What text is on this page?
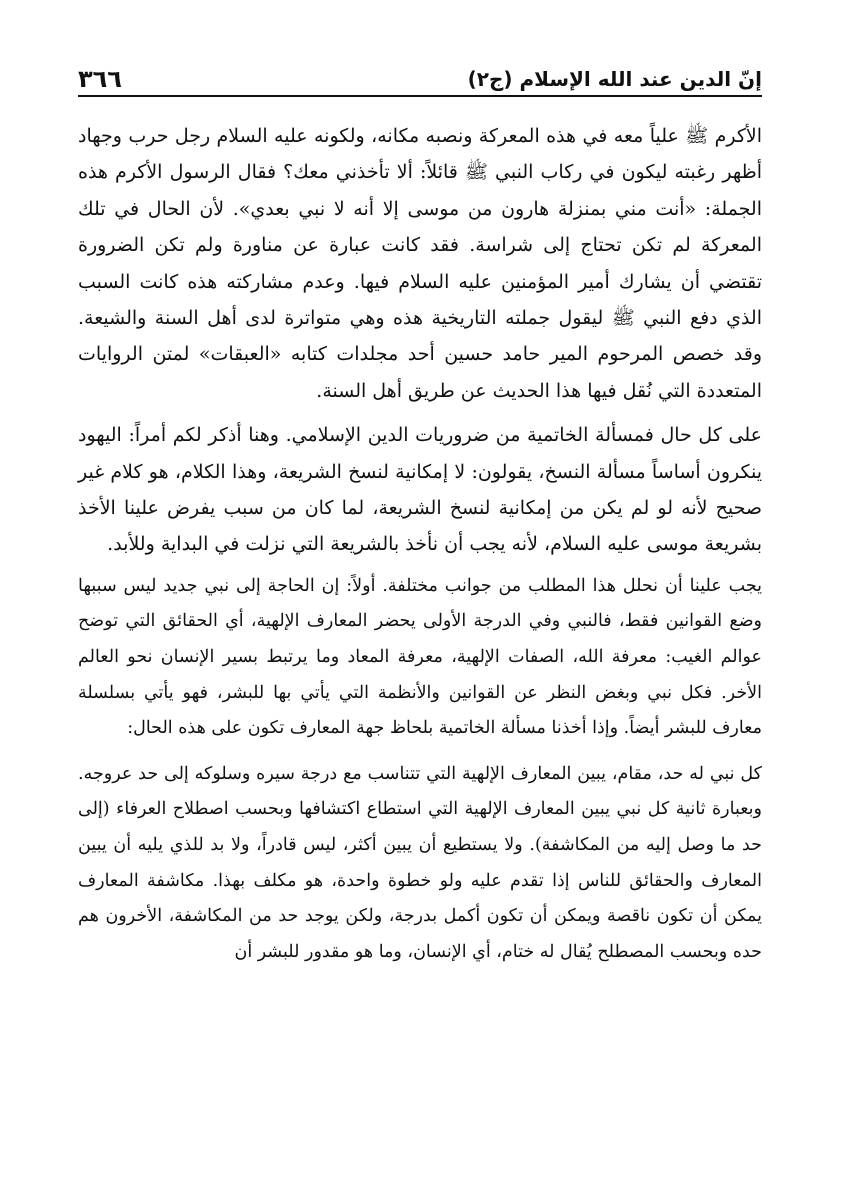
إنّ الدين عند الله الإسلام (ج٢)
٣٦٦

الأكرم ﷺ علياً معه في هذه المعركة ونصبه مكانه، ولكونه عليه السلام رجل حرب وجهاد أظهر رغبته ليكون في ركاب النبي ﷺ قائلاً: ألا تأخذني معك؟ فقال الرسول الأكرم هذه الجملة: «أنت مني بمنزلة هارون من موسى إلا أنه لا نبي بعدي». لأن الحال في تلك المعركة لم تكن تحتاج إلى شراسة. فقد كانت عبارة عن مناورة ولم تكن الضرورة تقتضي أن يشارك أمير المؤمنين عليه السلام فيها. وعدم مشاركته هذه كانت السبب الذي دفع النبي ﷺ ليقول جملته التاريخية هذه وهي متواترة لدى أهل السنة والشيعة. وقد خصص المرحوم المير حامد حسين أحد مجلدات كتابه «العبقات» لمتن الروايات المتعددة التي نُقل فيها هذا الحديث عن طريق أهل السنة.

على كل حال فمسألة الخاتمية من ضروريات الدين الإسلامي. وهنا أذكر لكم أمراً: اليهود ينكرون أساساً مسألة النسخ، يقولون: لا إمكانية لنسخ الشريعة، وهذا الكلام، هو كلام غير صحيح لأنه لو لم يكن من إمكانية لنسخ الشريعة، لما كان من سبب يفرض علينا الأخذ بشريعة موسى عليه السلام، لأنه يجب أن نأخذ بالشريعة التي نزلت في البداية وللأبد.

يجب علينا أن نحلل هذا المطلب من جوانب مختلفة. أولاً: إن الحاجة إلى نبي جديد ليس سببها وضع القوانين فقط، فالنبي وفي الدرجة الأولى يحضر المعارف الإلهية، أي الحقائق التي توضح عوالم الغيب: معرفة الله، الصفات الإلهية، معرفة المعاد وما يرتبط بسير الإنسان نحو العالم الأخر. فكل نبي وبغض النظر عن القوانين والأنظمة التي يأتي بها للبشر، فهو يأتي بسلسلة معارف للبشر أيضاً. وإذا أخذنا مسألة الخاتمية بلحاظ جهة المعارف تكون على هذه الحال:

كل نبي له حد، مقام، يبين المعارف الإلهية التي تتناسب مع درجة سيره وسلوكه إلى حد عروجه. وبعبارة ثانية كل نبي يبين المعارف الإلهية التي استطاع اكتشافها وبحسب اصطلاح العرفاء (إلى حد ما وصل إليه من المكاشفة). ولا يستطيع أن يبين أكثر، ليس قادراً، ولا بد للذي يليه أن يبين المعارف والحقائق للناس إذا تقدم عليه ولو خطوة واحدة، هو مكلف بهذا. مكاشفة المعارف يمكن أن تكون ناقصة ويمكن أن تكون أكمل بدرجة، ولكن يوجد حد من المكاشفة، الأخرون هم حده وبحسب المصطلح يُقال له ختام، أي الإنسان، وما هو مقدور للبشر أن
